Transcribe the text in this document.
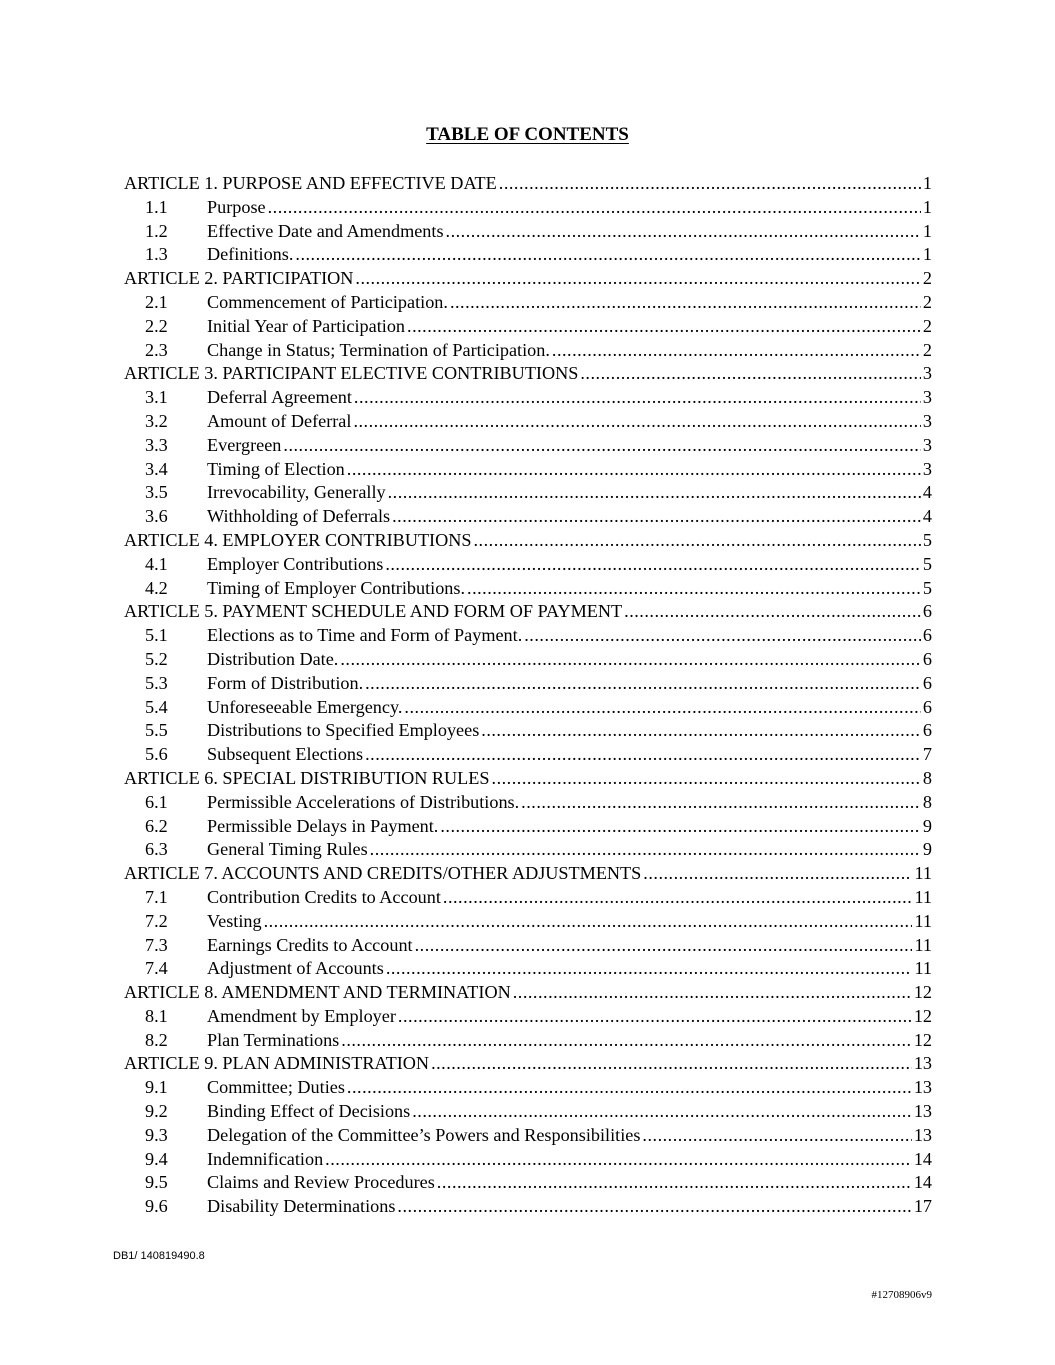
TABLE OF CONTENTS
ARTICLE 1. PURPOSE AND EFFECTIVE DATE .....	1
1.1	Purpose .....	1
1.2	Effective Date and Amendments .....	1
1.3	Definitions. .....	1
ARTICLE 2. PARTICIPATION .....	2
2.1	Commencement of Participation. .....	2
2.2	Initial Year of Participation .....	2
2.3	Change in Status; Termination of Participation. .....	2
ARTICLE 3. PARTICIPANT ELECTIVE CONTRIBUTIONS .....	3
3.1	Deferral Agreement .....	3
3.2	Amount of Deferral .....	3
3.3	Evergreen .....	3
3.4	Timing of Election .....	3
3.5	Irrevocability, Generally .....	4
3.6	Withholding of Deferrals .....	4
ARTICLE 4. EMPLOYER CONTRIBUTIONS .....	5
4.1	Employer Contributions .....	5
4.2	Timing of Employer Contributions. .....	5
ARTICLE 5. PAYMENT SCHEDULE AND FORM OF PAYMENT .....	6
5.1	Elections as to Time and Form of Payment. .....	6
5.2	Distribution Date. .....	6
5.3	Form of Distribution. .....	6
5.4	Unforeseeable Emergency. .....	6
5.5	Distributions to Specified Employees .....	6
5.6	Subsequent Elections .....	7
ARTICLE 6. SPECIAL DISTRIBUTION RULES .....	8
6.1	Permissible Accelerations of Distributions. .....	8
6.2	Permissible Delays in Payment. .....	9
6.3	General Timing Rules .....	9
ARTICLE 7. ACCOUNTS AND CREDITS/OTHER ADJUSTMENTS .....	11
7.1	Contribution Credits to Account .....	11
7.2	Vesting .....	11
7.3	Earnings Credits to Account .....	11
7.4	Adjustment of Accounts .....	11
ARTICLE 8. AMENDMENT AND TERMINATION .....	12
8.1	Amendment by Employer .....	12
8.2	Plan Terminations .....	12
ARTICLE 9. PLAN ADMINISTRATION .....	13
9.1	Committee; Duties .....	13
9.2	Binding Effect of Decisions .....	13
9.3	Delegation of the Committee’s Powers and Responsibilities .....	13
9.4	Indemnification .....	14
9.5	Claims and Review Procedures .....	14
9.6	Disability Determinations .....	17
DB1/ 140819490.8
#12708906v9
